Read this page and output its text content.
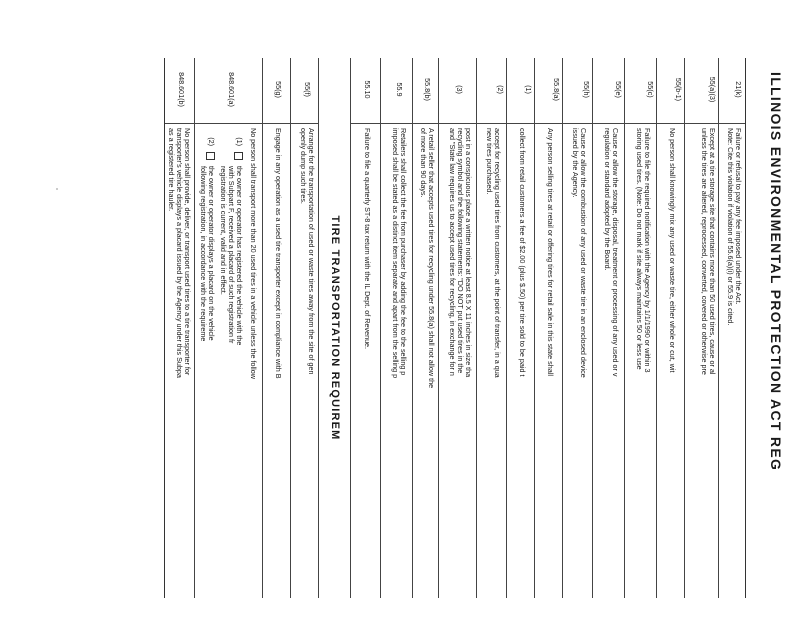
ILLINOIS ENVIRONMENTAL PROTECTION ACT REG
21(k)
Failure or refusal to pay any fee imposed under the Act.
Note: Cite this violation if violation of 55.6(a)(i) or 55.9 is cited.
55(a)(3)
Except at a tire storage site that contains more than 50 used tires, cause or al
unless the tires are altered, reprocessed, converted, covered or otherwise pre
55(b-1)
No person shall knowingly mix any used or waste tire, either whole or cut, wit
55(c)
Failure to file the required notification with the Agency by 1/1/1990 or within 3
storing used tires. (Note: Do not mark if site always maintains 50 or less use
55(e)
Cause or allow the storage, disposal, treatment or processing of any used or v
regulation or standard adopted by the Board.
55(h)
Cause or allow the combustion of any used or waste tire in an enclosed device
issued by the Agency.
55.8(a)
Any person selling tires at retail or offering tires for retail sale in this state shall
(1)
collect from retail customers a fee of $2.00 (plus $.50) per tire sold to be paid t
(2)
accept for recycling used tires from customers, at the point of transfer, in a qua
new tires purchased.
(3)
post in a conspicuous place a written notice at least 8.5 X 11 inches in size tha
recycling symbol and the following statements: "DO NOT put used tires in the
and "State law requires us to accept used tires for recycling, in exchange for n
55.8(b)
A retail seller that accepts used tires for recycling under 55.8(a) shall not allow the
of more than 90 days.
55.9
Retailers shall collect the fee from purchaser by adding the fee to the selling p
imposed shall be stated as a distinct item separate and apart from the selling p
55.10
Failure to file a quarterly ST-8 tax return with the IL Dept. of Revenue.
TIRE TRANSPORTATION REQUIREM
55(f)
Arrange for the transportation of used or waste tires away from the site of gen
openly dump such tires.
55(g)
Engage in any operation as a used tire transporter except in compliance with B
848.601(a)
No person shall transport more than 20 used tires in a vehicle unless the follow
(1)
the owner or operator has registered the vehicle with the
with Subpart F, received a placard of such registration fr
registration is current, valid and in effect.
(2)
the owner or operator displays a placard on the vehicle
following registration, in accordance with the requireme
848.601(b)
No person shall provide, deliver, or transport used tires to a tire transporter for
transporter's vehicle displays a placard issued by the Agency under this Subpa
as a registered tire hauler.
